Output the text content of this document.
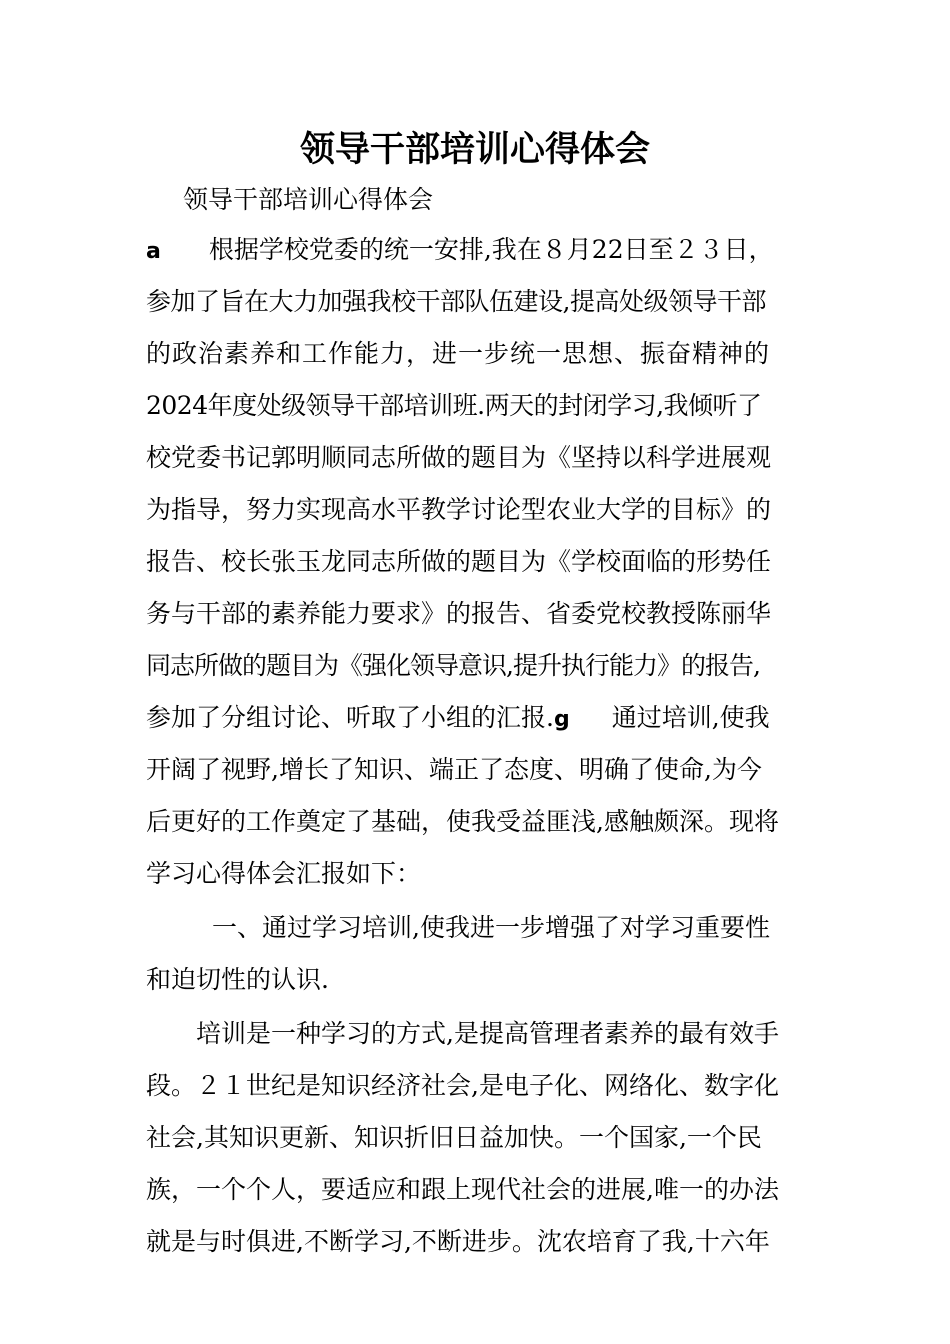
领导干部培训心得体会
领导干部培训心得体会
a 根据学校党委的统一安排,我在８月22日至２３日，
参加了旨在大力加强我校干部队伍建设,提高处级领导干部
的政治素养和工作能力，进一步统一思想、振奋精神的
2024年度处级领导干部培训班.两天的封闭学习,我倾听了
校党委书记郭明顺同志所做的题目为《坚持以科学进展观
为指导，努力实现高水平教学讨论型农业大学的目标》的
报告、校长张玉龙同志所做的题目为《学校面临的形势任
务与干部的素养能力要求》的报告、省委党校教授陈丽华
同志所做的题目为《强化领导意识,提升执行能力》的报告,
参加了分组讨论、听取了小组的汇报.g 通过培训,使我
开阔了视野,增长了知识、端正了态度、明确了使命,为今
后更好的工作奠定了基础，使我受益匪浅,感触颇深。现将
学习心得体会汇报如下：
一、通过学习培训,使我进一步增强了对学习重要性
和迫切性的认识.
培训是一种学习的方式,是提高管理者素养的最有效手
段。２１世纪是知识经济社会,是电子化、网络化、数字化
社会,其知识更新、知识折旧日益加快。一个国家,一个民
族，一个个人，要适应和跟上现代社会的进展,唯一的办法
就是与时俱进,不断学习,不断进步。沈农培育了我,十六年
